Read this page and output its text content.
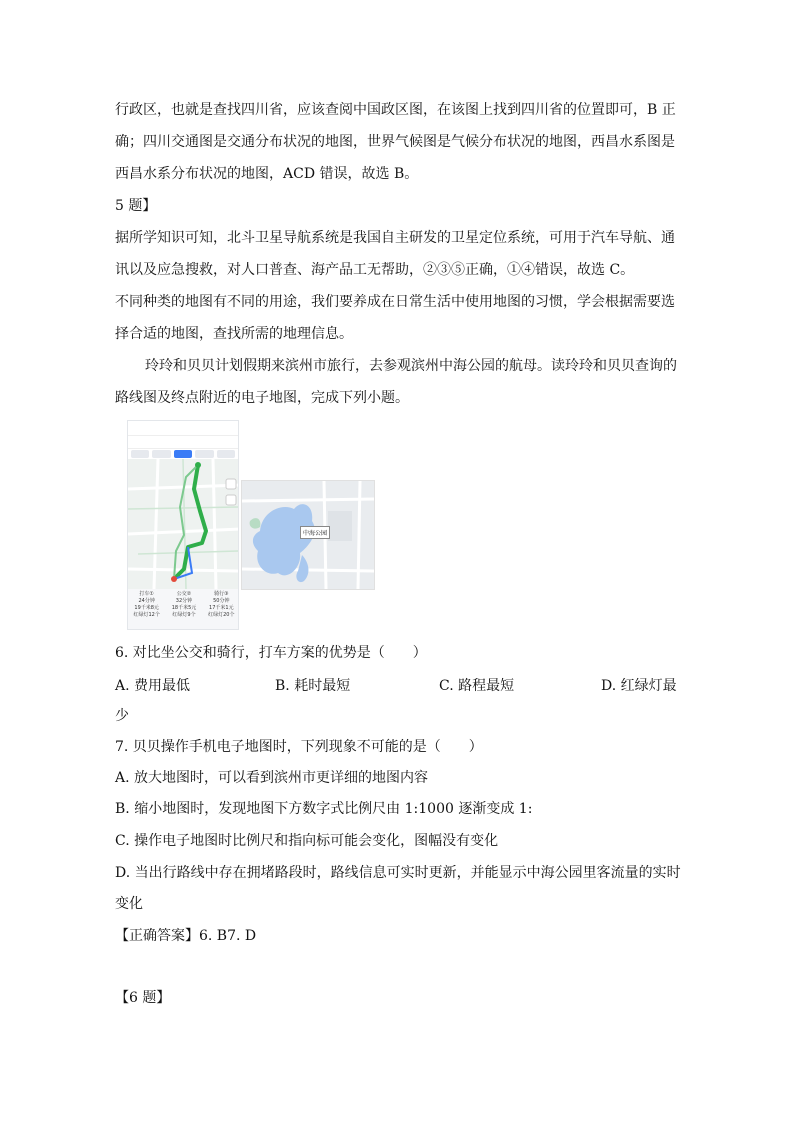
行政区，也就是查找四川省，应该查阅中国政区图，在该图上找到四川省的位置即可，B 正
确；四川交通图是交通分布状况的地图，世界气候图是气候分布状况的地图，西昌水系图是
西昌水系分布状况的地图，ACD 错误，故选 B。
5 题】
据所学知识可知，北斗卫星导航系统是我国自主研发的卫星定位系统，可用于汽车导航、通
讯以及应急搜救，对人口普查、海产品工无帮助，②③⑤正确，①④错误，故选 C。
不同种类的地图有不同的用途，我们要养成在日常生活中使用地图的习惯，学会根据需要选
择合适的地图，查找所需的地理信息。
玲玲和贝贝计划假期来滨州市旅行，去参观滨州中海公园的航母。读玲玲和贝贝查询的
路线图及终点附近的电子地图，完成下列小题。
打车①
24分钟
19千米8元
红绿灯12个
公交②
32分钟
18千米5元
红绿灯9个
骑行③
50分钟
17千米1元
红绿灯20个
中海公园
6. 对比坐公交和骑行，打车方案的优势是（　　）
A. 费用最低	B. 耗时最短	C. 路程最短	D. 红绿灯最
少
7. 贝贝操作手机电子地图时，下列现象不可能的是（　　）
A. 放大地图时，可以看到滨州市更详细的地图内容
B. 缩小地图时，发现地图下方数字式比例尺由 1:1000 逐渐变成 1:
C. 操作电子地图时比例尺和指向标可能会变化，图幅没有变化
D. 当出行路线中存在拥堵路段时，路线信息可实时更新，并能显示中海公园里客流量的实时
变化
【正确答案】6. B7. D
【6 题】
